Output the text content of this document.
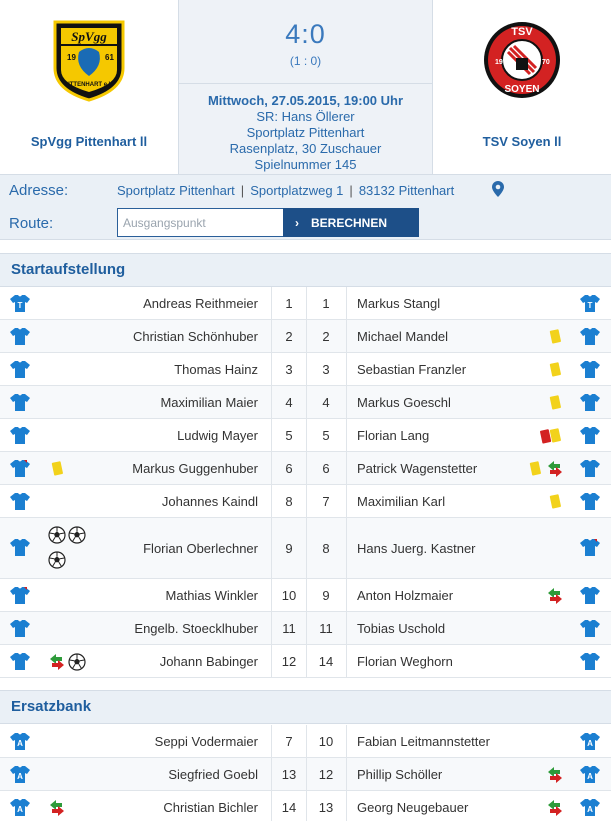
SpVgg
19	61
PITTENHART e.V.
SpVgg Pittenhart ll
4:0
(1 : 0)
Mittwoch, 27.05.2015, 19:00 Uhr
SR: Hans Öllerer
Sportplatz Pittenhart
Rasenplatz, 30 Zuschauer
Spielnummer 145
TSV
19	70
SOYEN
TSV Soyen ll
Adresse:	Sportplatz Pittenhart | Sportplatzweg 1 | 83132 Pittenhart
Route:
Ausgangspunkt	› BERECHNEN
Startaufstellung
T	T
Andreas Reithmeier	1	1	Markus Stangl
Christian Schönhuber	2	2	Michael Mandel
Thomas Hainz	3	3	Sebastian Franzler
Maximilian Maier	4	4	Markus Goeschl
Ludwig Mayer	5	5	Florian Lang
Markus Guggenhuber	6	6	Patrick Wagenstetter
Johannes Kaindl	8	7	Maximilian Karl
Florian Oberlechner	9	8	Hans Juerg. Kastner
Mathias Winkler	10	9	Anton Holzmaier
Engelb. Stoecklhuber	11	11	Tobias Uschold
Johann Babinger	12	14	Florian Weghorn
Ersatzbank
A	A
Seppi Vodermaier	7	10	Fabian Leitmannstetter
A	A
Siegfried Goebl	13	12	Phillip Schöller
A	A
Christian Bichler	14	13	Georg Neugebauer
